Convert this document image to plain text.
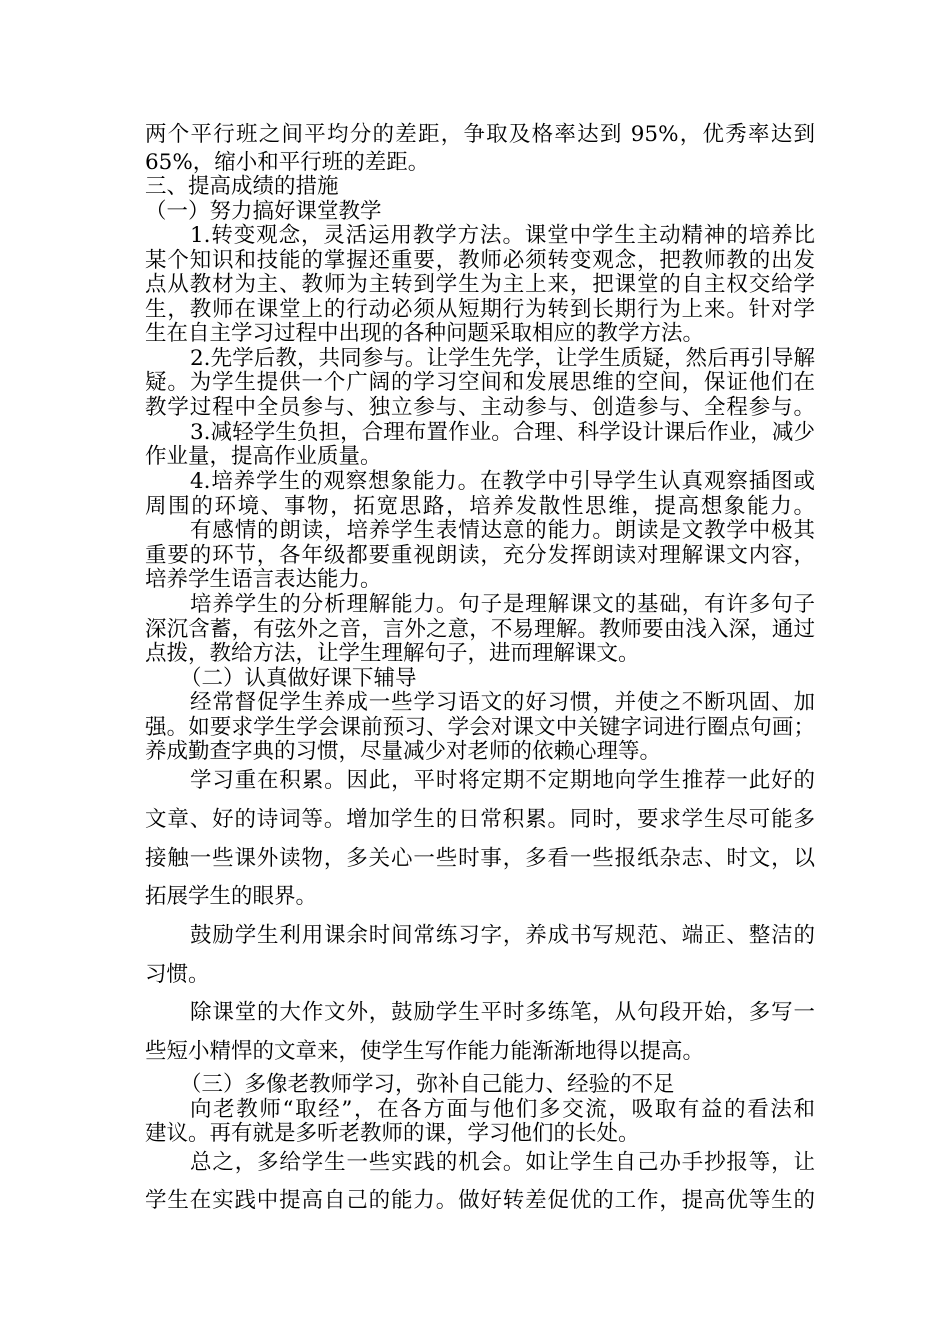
两个平行班之间平均分的差距，争取及格率达到 95%，优秀率达到
65%，缩小和平行班的差距。
三、提高成绩的措施
（一）努力搞好课堂教学
1.转变观念，灵活运用教学方法。课堂中学生主动精神的培养比
某个知识和技能的掌握还重要，教师必须转变观念，把教师教的出发
点从教材为主、教师为主转到学生为主上来，把课堂的自主权交给学
生，教师在课堂上的行动必须从短期行为转到长期行为上来。针对学
生在自主学习过程中出现的各种问题采取相应的教学方法。
2.先学后教，共同参与。让学生先学，让学生质疑，然后再引导解
疑。为学生提供一个广阔的学习空间和发展思维的空间，保证他们在
教学过程中全员参与、独立参与、主动参与、创造参与、全程参与。
3.减轻学生负担，合理布置作业。合理、科学设计课后作业，减少
作业量，提高作业质量。
4.培养学生的观察想象能力。在教学中引导学生认真观察插图或
周围的环境、事物，拓宽思路，培养发散性思维，提高想象能力。
有感情的朗读，培养学生表情达意的能力。朗读是文教学中极其
重要的环节，各年级都要重视朗读，充分发挥朗读对理解课文内容，
培养学生语言表达能力。
培养学生的分析理解能力。句子是理解课文的基础，有许多句子
深沉含蓄，有弦外之音，言外之意，不易理解。教师要由浅入深，通过
点拨，教给方法，让学生理解句子，进而理解课文。
（二）认真做好课下辅导
经常督促学生养成一些学习语文的好习惯，并使之不断巩固、加
强。如要求学生学会课前预习、学会对课文中关键字词进行圈点句画；
养成勤查字典的习惯，尽量减少对老师的依赖心理等。
学习重在积累。因此，平时将定期不定期地向学生推荐一此好的
文章、好的诗词等。增加学生的日常积累。同时，要求学生尽可能多
接触一些课外读物，多关心一些时事，多看一些报纸杂志、时文，以
拓展学生的眼界。
鼓励学生利用课余时间常练习字，养成书写规范、端正、整洁的
习惯。
除课堂的大作文外，鼓励学生平时多练笔，从句段开始，多写一
些短小精悍的文章来，使学生写作能力能渐渐地得以提高。
（三）多像老教师学习，弥补自己能力、经验的不足
向老教师“取经”，在各方面与他们多交流，吸取有益的看法和
建议。再有就是多听老教师的课，学习他们的长处。
总之，多给学生一些实践的机会。如让学生自己办手抄报等，让
学生在实践中提高自己的能力。做好转差促优的工作，提高优等生的
